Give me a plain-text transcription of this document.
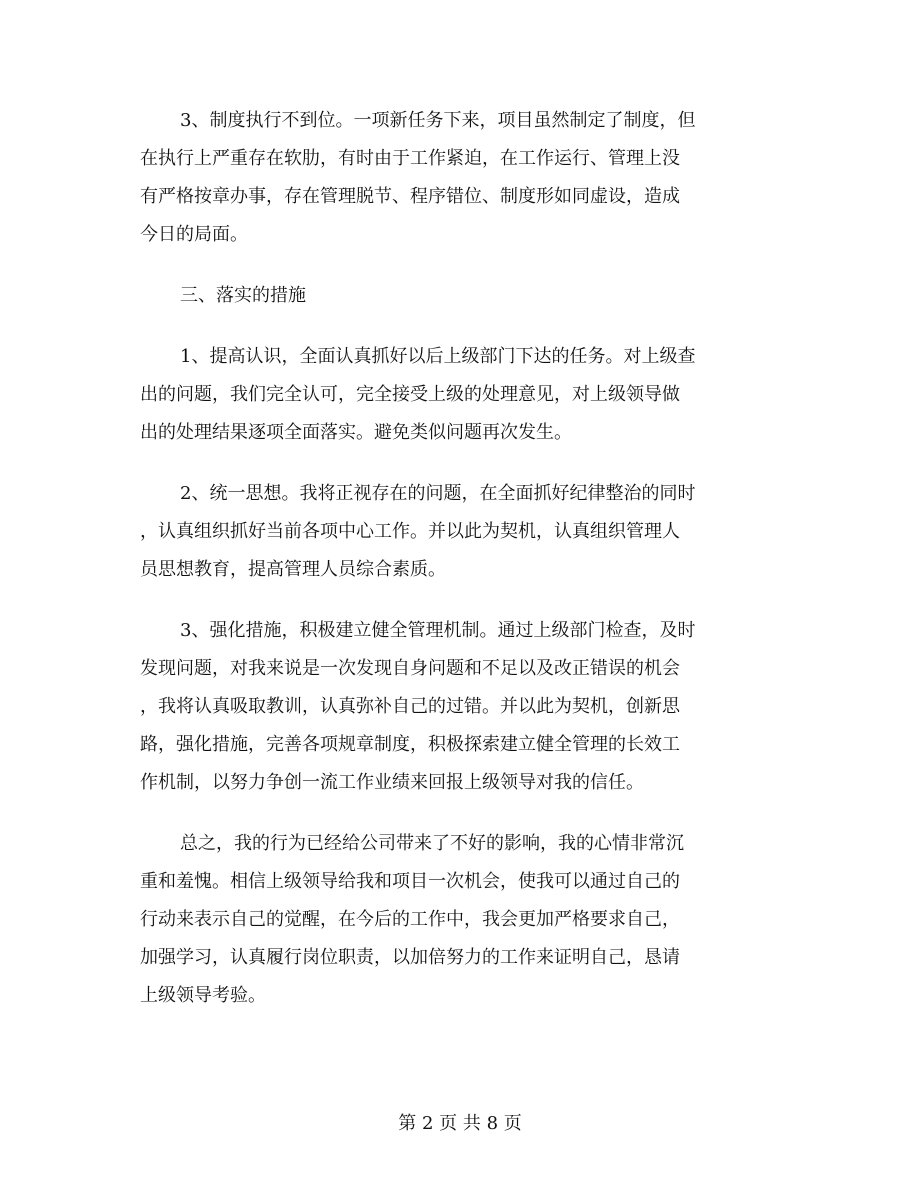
3、制度执行不到位。一项新任务下来，项目虽然制定了制度，但
在执行上严重存在软肋，有时由于工作紧迫，在工作运行、管理上没
有严格按章办事，存在管理脱节、程序错位、制度形如同虚设，造成
今日的局面。

三、落实的措施

1、提高认识，全面认真抓好以后上级部门下达的任务。对上级查
出的问题，我们完全认可，完全接受上级的处理意见，对上级领导做
出的处理结果逐项全面落实。避免类似问题再次发生。

2、统一思想。我将正视存在的问题，在全面抓好纪律整治的同时
，认真组织抓好当前各项中心工作。并以此为契机，认真组织管理人
员思想教育，提高管理人员综合素质。

3、强化措施，积极建立健全管理机制。通过上级部门检查，及时
发现问题，对我来说是一次发现自身问题和不足以及改正错误的机会
，我将认真吸取教训，认真弥补自己的过错。并以此为契机，创新思
路，强化措施，完善各项规章制度，积极探索建立健全管理的长效工
作机制，以努力争创一流工作业绩来回报上级领导对我的信任。

总之，我的行为已经给公司带来了不好的影响，我的心情非常沉
重和羞愧。相信上级领导给我和项目一次机会，使我可以通过自己的
行动来表示自己的觉醒，在今后的工作中，我会更加严格要求自己，
加强学习，认真履行岗位职责，以加倍努力的工作来证明自己，恳请
上级领导考验。

第 2 页 共 8 页
